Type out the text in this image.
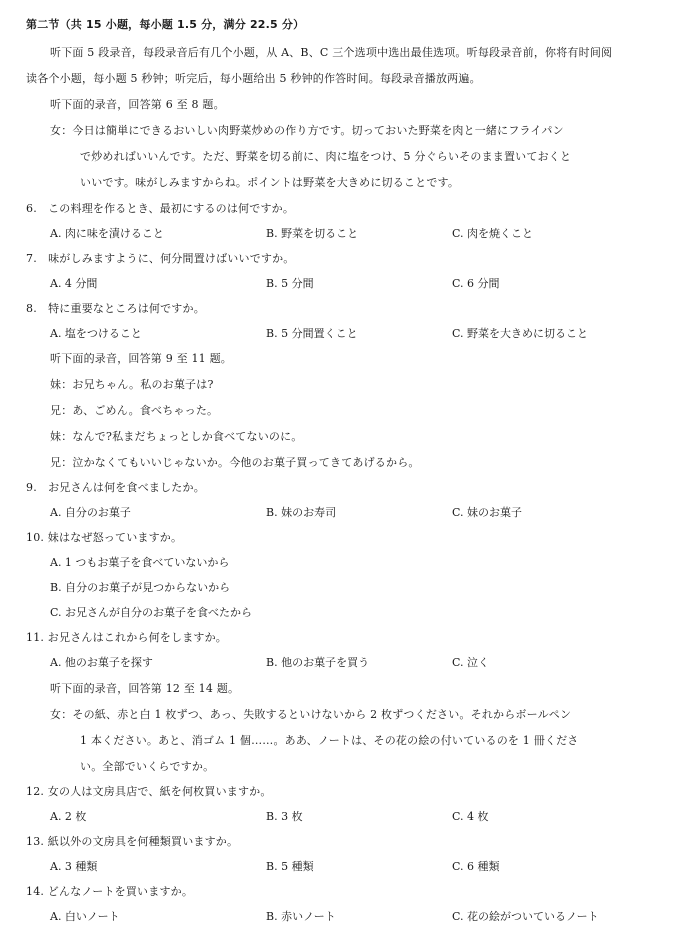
第二节（共 15 小题，每小题 1.5 分，满分 22.5 分）
听下面 5 段录音，每段录音后有几个小题，从 A、B、C 三个选项中选出最佳选项。听每段录音前，你将有时间阅
读各个小题，每小题 5 秒钟；听完后，每小题给出 5 秒钟的作答时间。每段录音播放两遍。
听下面的录音，回答第 6 至 8 题。
女：今日は簡単にできるおいしい肉野菜炒めの作り方です。切っておいた野菜を肉と一緒にフライパン
で炒めればいいんです。ただ、野菜を切る前に、肉に塩をつけ、5 分ぐらいそのまま置いておくと
いいです。味がしみますからね。ポイントは野菜を大きめに切ることです。
6.　この料理を作るとき、最初にするのは何ですか。
A. 肉に味を漬けること	B. 野菜を切ること	C. 肉を焼くこと
7.　味がしみますように、何分間置けばいいですか。
A. 4 分間	B. 5 分間	C. 6 分間
8.　特に重要なところは何ですか。
A. 塩をつけること	B. 5 分間置くこと	C. 野菜を大きめに切ること
听下面的录音，回答第 9 至 11 题。
妹：お兄ちゃん。私のお菓子は?
兄：あ、ごめん。食べちゃった。
妹：なんで?私まだちょっとしか食べてないのに。
兄：泣かなくてもいいじゃないか。今他のお菓子買ってきてあげるから。
9.　お兄さんは何を食べましたか。
A. 自分のお菓子	B. 妹のお寿司	C. 妹のお菓子
10. 妹はなぜ怒っていますか。
A. 1 つもお菓子を食べていないから
B. 自分のお菓子が見つからないから
C. お兄さんが自分のお菓子を食べたから
11. お兄さんはこれから何をしますか。
A. 他のお菓子を探す	B. 他のお菓子を買う	C. 泣く
听下面的录音，回答第 12 至 14 题。
女：その紙、赤と白 1 枚ずつ、あっ、失敗するといけないから 2 枚ずつください。それからボールペン
1 本ください。あと、消ゴム 1 個……。ああ、ノートは、その花の絵の付いているのを 1 冊くださ
い。全部でいくらですか。
12. 女の人は文房具店で、紙を何枚買いますか。
A. 2 枚	B. 3 枚	C. 4 枚
13. 紙以外の文房具を何種類買いますか。
A. 3 種類	B. 5 種類	C. 6 種類
14. どんなノートを買いますか。
A. 白いノート	B. 赤いノート	C. 花の絵がついているノート
